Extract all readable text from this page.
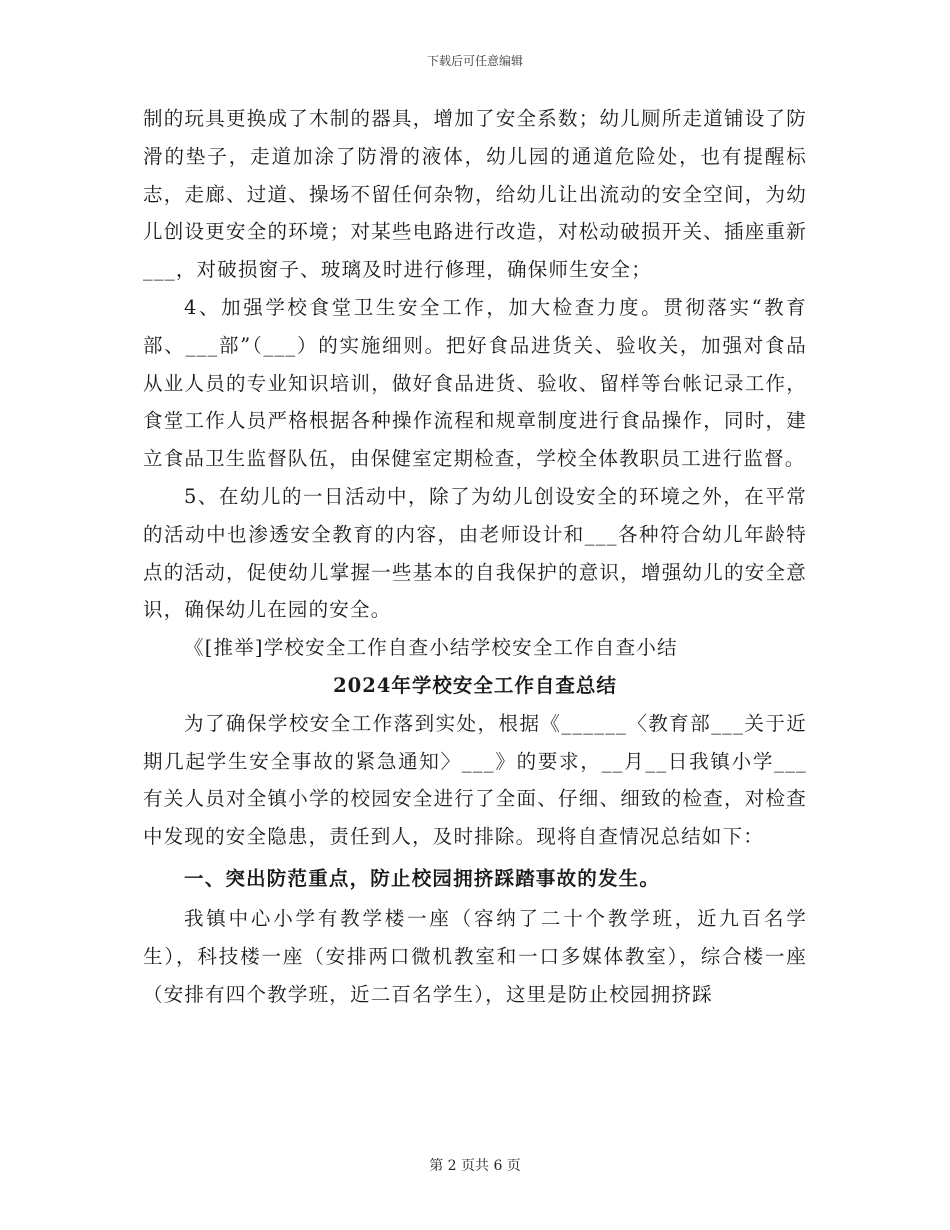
下载后可任意编辑

制的玩具更换成了木制的器具，增加了安全系数；幼儿厕所走道铺设了防滑的垫子，走道加涂了防滑的液体，幼儿园的通道危险处，也有提醒标志，走廊、过道、操场不留任何杂物，给幼儿让出流动的安全空间，为幼儿创设更安全的环境；对某些电路进行改造，对松动破损开关、插座重新___，对破损窗子、玻璃及时进行修理，确保师生安全；

4、加强学校食堂卫生安全工作，加大检查力度。贯彻落实“教育部、___部”（___）的实施细则。把好食品进货关、验收关，加强对食品从业人员的专业知识培训，做好食品进货、验收、留样等台帐记录工作，食堂工作人员严格根据各种操作流程和规章制度进行食品操作，同时，建立食品卫生监督队伍，由保健室定期检查，学校全体教职员工进行监督。

5、在幼儿的一日活动中，除了为幼儿创设安全的环境之外，在平常的活动中也渗透安全教育的内容，由老师设计和___各种符合幼儿年龄特点的活动，促使幼儿掌握一些基本的自我保护的意识，增强幼儿的安全意识，确保幼儿在园的安全。

《[推举]学校安全工作自查小结学校安全工作自查小结

2024年学校安全工作自查总结

为了确保学校安全工作落到实处，根据《______〈教育部___关于近期几起学生安全事故的紧急通知〉___》的要求，__月__日我镇小学___有关人员对全镇小学的校园安全进行了全面、仔细、细致的检查，对检查中发现的安全隐患，责任到人，及时排除。现将自查情况总结如下：

一、突出防范重点，防止校园拥挤踩踏事故的发生。

我镇中心小学有教学楼一座（容纳了二十个教学班，近九百名学生），科技楼一座（安排两口微机教室和一口多媒体教室），综合楼一座（安排有四个教学班，近二百名学生），这里是防止校园拥挤踩

第 2 页共 6 页
